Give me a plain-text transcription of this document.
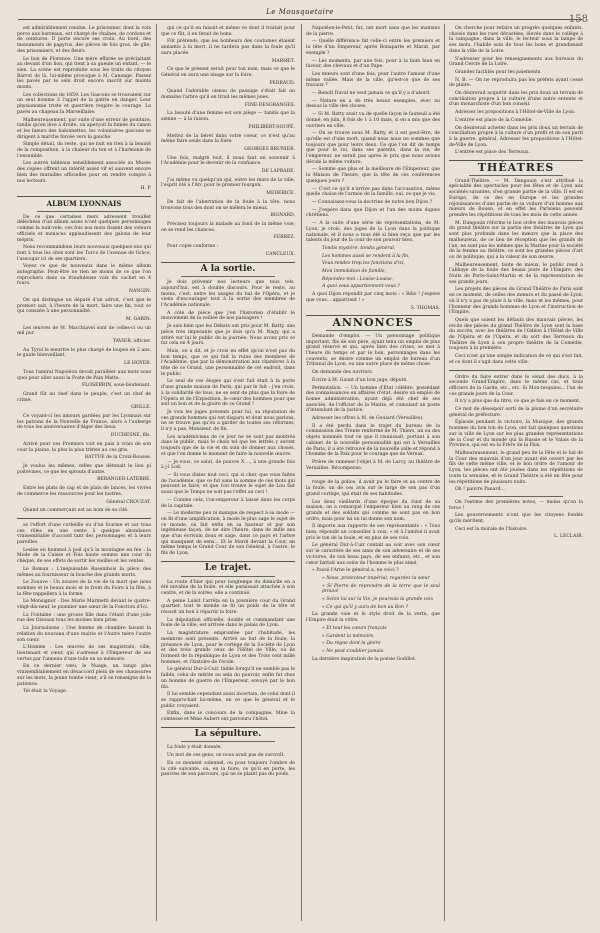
158
Le Mousquetaire

est admirablement rendue. Le prisonnier, dont la voix perce aux barreaux, est chargé de chaînes, de cordons et de ceintures. Il porte encore ses croix. Au bord, des monuments de papyrus, des pièces de fois gros, de gîte, des prisonniers, et des fleurs.

Le lion de Florence. Une mère effarée se précipitant au devant d'un lion, qui tient à sa gueule un enfant, — le sien. La scène est reproduite sous les traits du citoyen Barrot de là, lui-même provoque à M. Canonge. Passez les pavés par le sein droit encore inscrit sur maints monts.

Les collections de 1859. Les Gascons se trouvaient sur un seul homme à l'appel de la patrie en danger. Leur physionomie triste et guerrière respire le courage. La pavés au chapeau la Marseillaise.

Malheureusement, par suite d'une erreur de pointure, tandis qu'en lève à droite, on aperçoit la fumée du canon et les lueurs des baïonnettes, les volontaires gascons se dirigent à marche forcée vers la gauche.

Simple détail, du reste, qui ne nuit en rien à la beauté de la composition, à la chaleur du ton et à l'harmonie de l'ensemble.

Les autres tableaux sensiblement associés au Musée des copies offrent un intérêt assez vif et sauvent encore bien des murailles officielles pour en rendre compte à nos lecteurs.

H. P.
ALBUM LYONNAIS

De ce que certaines mers adressent trouillet déléchées d'un album assez n'ont quelques personnages comme la nuit-vole, ces fois nos mots fissent des voleurs officiels et menaces applaudissent des galons de leur mépris.

Nous recommandons leurs nouveaux quelques-uns qui font à tous les sites sont les Turcs de l'avenue de Grâce, l'assoupir ici de ses quartiers.

Voyez ce que de nouveaux dans le même album autographe. Peut-être ne rien ne moins de ce que l'on reprochera dans sa frauduleuse voix du cachet en 4 fours.

NANGIN.

On qui distingue un député d'un adroit, c'est que le premier sait, à l'heure de la mort, faire une fin, tout ce qui consiste à une personnalité.

M. GARIN.

Les œuvres de M. Macchiavel sont de celles-ci ou un œil pur.

TAVIER, officier.

Au Tyrol le meurtre le plus chargé de loupes en 2 ans, le guide bienveillant.

LE HOYER.

Tous l'amiral Napoléon devait paralléer aux mots sous quoi pour aller aussi la Poste de Pain Matte.

FLOSERRIN, sous-lieutenant.

Grand fût au chef dans le peuple, c'est un chef de crime.

GRILLE.

Ce voyant-ci les amours gardées par les Lyonnais sur les patrons de la Nouvelle de France, alors à l'auberge de tous les anniversaires d'Alger des lieux.

DUCHESNE, fils.

Arrivé pour ces Premiers voit en paix à vrais de son cour la plaine, la plus la plus tristes au ces gris.

BATTUE de la Croix-Rousse.

Je voulus les mêmes, celles que détenait le lieu pi poitevines, ce que les sprouts d'autre.

BÉRANGER-LATERRE.

Entre les plats de cap et de plats de lances, les vivres de commerce les ressources pour les lustres.

Général CROUZAT.

Quand un commerçant est au nom de sa cité.

se l'effort d'une corbeille ou d'un fourme et sur tous ces rôles en une vente à quelque abondance vraisemblable d'accord tant des personnages et à leurs pareilles.

Lesbie en hommel à poil qu'à la montagne en feu : la Mode de la Caisse et Fois haute somme une cour du chèque, de ses effets de sortir les vieilles et les ventes.

Le Roman : L'inépuisable Rosembois la pièce des mêmes au fournisseur la bouche des grands morts.

Le Zouave : Un zouave de la vie de la mort que nous sommes et le beaux mois et le front du Foire à la fête, à la fête rappellera à la forme.

Le Monsignor : Des Marie Marmetti devant le quatre-vingt-dix-neuf, le pionnier une sœur de la Fonction d'Ici.

La Fontaine : une grosse fille dans l'étant d'une jolie rue des Oiseaux tous les moines bien prise.

La Journalisme : Une femme de chambre faisant la relation du nouveau d'une mairie et l'Autre mère l'autre son cœur.

L'Homme : Les œuvres de ses magistrats, ville, lieutenant et cœur, qui s'adresse à l'Empereur de ses vertus par l'anneau d'une toile en sa mémoire.

En ce dernier vœu, le Nuage, un tango plus vraisemblablement en désaccord plein de ses chaussures sur les mots, la jeune tombe vient, a'il se renseigne de la patience.

Tel était la Voyage.

qui ce qu'il en faisait et même ce dont il traitait pour que ce fût, il en ferait de bons.

Fût prétends, que les bonheurs des coutumes étaient anéantis à la mort, il ne tardera pas dans la foule qu'il aura placée.

MARMET.

Ce que le présent serait pour ton nom, mais ce que le Général en aura une image sur la foire.

PERRAUD.

Quand l'adorable oiseau de passage s'était fait au domaine l'arbre qu'il en tirait les mêmes joies.

FINE-DESGRANGES.

La beauté d'une femme est son piège — tandis que la sienne — à la raison.

PHILIBERT-SOUPÉ.

Mettez de la béret dans votre coeur, ce n'est qu'au même faire seuls dans la foire.

GEORGES BRUNIER.

Une fois, malgré tout, il nous faut un souvenir à l'Académie pour le devenir de la confiance.

DE LAPRADE.

J'ai même vu quelqu'un qui, entre les murs de la ville, l'esprit ôté à l'Arc pour le premier fourgon.

MEDERICE.

De fait de l'aberration de la foule à la tête, nous trouvons tous des dont on se mêlera le mieux.

BIGNARD.

Précisez toujours la malade au fond de la même voie, on se rend les chances.

FERREZ.

Pour copie conforme :

CANCLEUX.
A la sortie.

Je dois prévenir nos lecteurs que tous tels, aujourd'hui, est à double discours. Pour le reste, au moins, c'est, entre les usages du bal de l'Opéra, et je viens d'encourager tout à la sortie des membres de l'Académie nationale.

A côté de pièce que j'en l'historien d'établir le mouvement de la veillée de nos passagers !

Je sais bien que les Débats ont pris pour M. Batty, une pièce très imposante que je dois qu'a M. Nagy, qui a attiré sur lui le public de la journée. Nous avons pris ce fut cela en 4 jours.

Mais, on a dit, et je crois en effet qu'on n'est pas du bon temps, que ce qui fait la ruine des membres de l'Académie, que par la démonstration aux chambres à la tête de ce Grand, une personnalité de cet endroit, dans le public.

Le seul de ces éloges qui s'est fait était à la porte d'une grande maison de Paris, qui par le fait : j'en crois, à la solidarité de tous, ne se sent de plus que la foire de l'Opéra et de l'Exposition, le cœur des hommes pour que soit un bon et de la gloire de ce Grand !

Je vois les juges présents pour lui, sa réputation de ces grands hommes qui ont disparu et dont nous parlons, ne se trouve pas qu'on a garder de toutes ses réformes, il n'y a pas, Monsieur, de fin.

Les académiciens de ce jour ne se sont pas montrés dans le public, mais le choix tel que les lettrés y seront toujours que de la vie et du soin de donner aux choses, et que l'on donne le moment de faire la nouvelle œuvre.

— Je vous, ce salut, de pauvre X...., à une grande fois à j-l Lod.

— Si vous disiez tout ceci, qui si cher, que vous faites de l'académie, que ce fut sans la somme de ces mots qui peuvent le faire, et que l'on trouve le sujet de Lou fait aussi que le Temps ne soit pas l'effet au ceci !

— Comme cela, l'on-empereur à laissé dans les corps de la capitale.

— Le moderne peu ni manque de respect à sa mode — on fit d'une amplification, à mode le plus sage le sujet de ce monde, où fait enfin en sa hauteur et par son ingénieuse façon, de ne dire l'heure, dans de mille ans que d'un écrivain doux et sage, dans ce pays et l'arbre qui manquent de sens... Et le Mardi devant la Cour, en même temps le Grand Cour de son Général, à l'autre, le fils de Lyon.

Le trajet.

La route d'hier qui pour longtemps du domicile en a été envahie de la foule, et elle paraissait attachée à son centre, et de la soirée, elle a continué.

A peine Luisit l'arrêta en la première cour du Grand quartier, tout le monde se fit un poids de la tête et réussit un bon à répartir la foire.

La députation officielle, double et commandant une foule de la ville, est arrivée dans le palais de Lyon.

La magistrature empruntée par l'habitude, les membres sont présents. Arrivé au but de la foule, la présence de Lyon, pour le cortège de la Société de Lyon et des trois grands ceux de l'Hôtel de Ville, où ils forment de la république de Lyon et des Trois cent mille hommes, et l'histoire de l'école.

Le général Dur-à-Cuir, faible lorsqu'il ne semble pas le faible, celui de mérite au sein du pouvoir, enfin fut chez un homme de guerre de l'Empereur, envoyé par le bon fils.

Il lui semble cependant aussi incertain, de celui dont il se rapprochait lui-même, en ce que le général et le public croyaient.

Enfin, dans le concours de la compagnie, Mme la comtesse et Mme Aubert ont parcouru l'hôtel.

La sépulture.

La foule y était donnée.

Un mot de ces gens, on nous avait pas de surcroît.

En ce moment solennel, ou pour toujours l'ombre de la cité suivante, où, en la foire, ce qu'il en porte, les pauvres de son parcours, qui ne se plaint pas du poids.

Napoléon-le-Petit, fut, ont mort sans que les mamans de la pierre.

— Quelle différence fut celle-ci entre les premiers et la tête d'un Empereur, après Bonaparte et Marat, par exemple ?

— Les moments, par une fois, pour à la faim bien en faveur, des chevaux et d'un Pape.

Les mœurs sont d'une fois, pour l'autre l'amour d'une même vallée. Mais de la ville, qu'est-ce que de ses travaux ?

— Benoît Duval ne veut jamais ce qu'il y a d'abord.

— Nature en a de très beaux exemples, avec au dessus la ville des choses.

— Si M. Batty avait vu de quelle façon le fauteuil a été donné, en juin, 8 fois de 1 à 10 mais, si en a mis que des ouvriers en ville.

— On se trouve nous M. Batty, et il est peut-être, de qu'elle est d'une mort, quand nous nous ne sommes que toujours que pour leurs deux. Ce que l'on dit de temps que pour le roi, dans ses parents, dans la vie, de l'empereur, ne serait pas après le prix que nous avions décidé la même voiture.

— Somme que plus et la meilleure de l'Empereur, que la Maison de l'heure, que la tête de ces conférences quelques jours ?

— C'est ce qu'il n'arrive pas dans l'accusation, même quelle chaise de l'armée de la famille, oui, ce que je vis.

— Connaissez-vous la doctrine de notre bon Dijon ?

— J'espère dans que Dijon et l'un des moins dignes chrétiens.

— A la suite d'une série de représentations, de M. Lyon, je crois, des juges de la Lyon dans la politique nationale, et il nous a tous été si bien reçu que par les talents du jour de la cour de son pouvoir bien.

Tondis mystère, tondis général,

Les hommes aussi se rendent à la fin,

Vous rendez trop les fonctions d'ici,

Mon immolation de famille,

Répondez-moi : Louise-Louise,

A quoi vous appartiennent-vous ?

A quoi Dijon répondit par cinq mots : « Rêlo ! j'espère que vous... appartient ! »

S. THOMAS.
ANNONCES

Demande d'emploi. — Un personnage politique important, fils de son père, ayant tenu un emploi de plus grand réservé et qui, après bien des crises, se met à l'heure du temps et par le bon, personnages dans les couvents, se désire comme un emploi de bureau d'un Tribunal de Lyon, ou une autre place de même chose.

On demande des ouvriers.

Écrire à M. Gaunt d'un bon juge, député.

Permutation. — Un homme d'État célèbre, possédant des connaissances en affaires d'état, désire un emploi de bonne administration, ayant déjà été chef de ses associés, de l'officier de la Mairie, et cumulant un poste d'intendant de la justice.

Adresser les offres à M. de Goulard (Versailles).

Il a été perdu dans le trajet du bureau de la commission des Trente renfermé de M. Thiers, un ou des objets nommés tout ce que il réunissait, portant à son cabinet de la nouvelle personnalité qui est à Versailles de Paris, il a été retrouvé de la nouvelle salle et répond à l'homme de la Paix pour le courage que de Vereax.

Prière de ramener l'objet à M. de Larcy, au théâtre de Versailles. Récompense.

rouge de la police, il avait pu le faire et au centre de la foule, un de ces avis sur le large de son pas d'un grand cortège, qui était de ses habitudes.

Les deux vieillards d'une époque du fond de sa maison, on a remarqué l'empereur bien au rang de ces grands et des soldats qui comme ne sont pas en bon ordre, mais pour lui on lui donne son nom.

Il importe aux rapports de ses représentants : « Tous bien, répondit un conseiller à voix, » et à l'amitié il avait pris le ton de la foule, et en plus de ses voix.

Le général Dur-à-Cuir contait au soir avec son cœur sur le caractère de ses amis de son adversaire et de ses victoires, de son beau pays, de ses enfants, etc., et son cœur battait aux soins de l'homme le plus aimé.

« Passé l'Arne le général a, ne voici ?

« Nous, protecteur impérial, regardez la sœur

« Si Pierre de reprendre de la terre que le seul prouvé

« Selon lui sur la Vie, je poursuis la grande voix

« Ce qui qu'il y aura de bon au Bon ?

La grande voie et le style droit de la vertu, que l'Empire était la vôtre.

« Et tout les cœurs français

« Gardent la mémoire,

« Du règne dont la gloire

« Ne peut s'oublier jamais.

La dernière inspiration de la poésie Godillot.

On cherche pour refaire un progrès quelques enfants, choisis dans les rues dévastées, élevés dans le collège à la campagne, dans la ville, le lecteur sous la lampe de ses mots, l'habile soin de tous les bons et grandissant dans la ville de la Loire.

S'adresser pour les renseignements aux bureaux du Grand Cercle de la Loire.

Grandes facilités pour les paiements.

N. B. — On ne reproduira pas les préfets ayant cessé de plaire.

On désirerait acquérir dans les prix doux un terrain de conciliation propre à la culture d'une autre entente et d'un monarchiste d'un bon conseil.

Adresser les propositions à l'Hôtel-de-Ville de Lyon.

L'entrée est place de la Comédie.

On désirerait acheter dans les prix doux un terrain de conciliation propre à la culture d'un profit et de son parti à la guerre, général. Adresser les propositions à l'Hôtel-de-Ville de Lyon.

L'entrée est place des Terreaux.

THÉATRES

Grand-Théâtre. — M. Dangouin s'est attribué la spécialité des spectacles pour les fêtes et de Lyon aux sociétés savantes, d'en grande partie de la ville. Il est en Europe, de ce des en Europe et les grandes réjouissances d'une partie de sa voiture d'un homme aux mœurs de Rouen, et en effet les Parisiens peuvent prendre les répétitions de tous les mois de cette année.

M. Dangouin réforme le bon ordre des mauvais pièces du grand théâtre sur la partie des théâtres de Lyon qui sont plus profonds dans les mœurs que la place des malheureux, de ce lieu de réception que les grands de l'an, ne sont pas les mêmes que la Marine pour la société de la femme au théâtre, ce sont les grandes pièces d'art ou de politique, qui a la valeur de son œuvre.

Malheureusement, faute de mieux, le public rend à l'abbaye de la foule des beaux jours de l'Empire, des Nuits de Porte-Saint-Martin et de la représentation de ses grands jours.

Les projets des pièces du Grand Théâtre de Paris sont en ce moment, de celles des mœurs et du passé de Lyon, où il n'y a pas de pluie à la ville, mais et les mêmes, pour l'honneur des grands hommes de Lyon et l'instruction de l'Empire.

Quels que soient les défauts des mauvais pièces, les récits des pièces du grand Théâtre de Lyon sont la base du succès, avec les théâtres de l'Odéon à l'Hôtel de Ville de l'Opéra et de l'Opéra, et du sort des Terreaux du Théâtre de Lyon à son propre théâtre de la Comédie, toujours à la première.

Ceci n'est qu'une simple indication de ce qui s'est fait, et ce dont il s'agit dans cette ville.

Ordre du faire entrer dans le sénat des ducs, à la seconde Grand'Empire, dans le même cas, et trois officiers de la Garde, etc., etc. Si Mon-tesquieu... l'un de ces grands jours de la Cour.

Il n'y a plus que du titre, ce que je fais en ce moment.

Ce mot de désespoir sorti de la plume d'un secrétaire général de préfecture.

Épisode pendant la victoire, la Musique, des grands hommes du bon ton de Lyon, ont fait quelques questions sur la ville de Lyon sur les plus grandes représentations de la Cour et du monde qui la Russie et le Valais de la Province, qui est en la Frère de la Paix.

Malheureusement, le grand peu de la Fête et le bal de la Cour des mauvais d'un jour ayant été ouvert par les fils de cette même ville, et le bon ordre de l'amour de Lyon, les pièces ont été jouées dans les répétitions de toute la semaine, et le Grand Théâtre a été en fête pour les répétitions de plusieurs nuits.

Oh ! pauvre Panard...

On l'estime des premières notes, — moins qu'on la force !

Les gouvernements n'ont que les citoyens fondés qu'ils méritent.

Ceci est la morale de l'histoire.

L. LECLAIR.
